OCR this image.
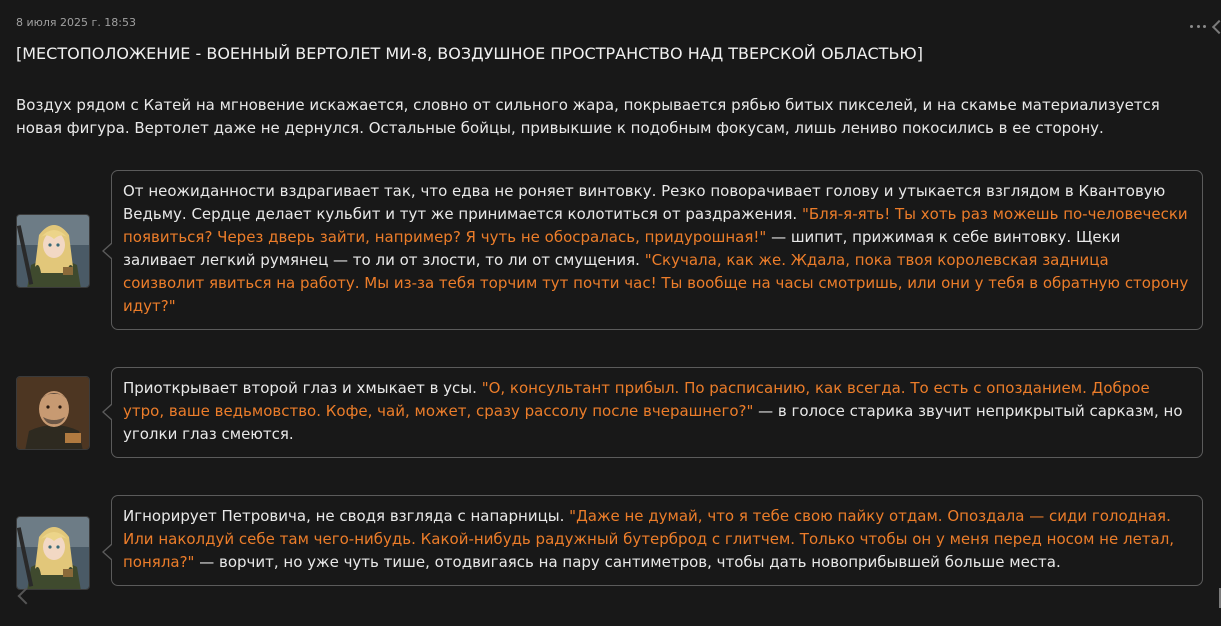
8 июля 2025 г. 18:53
[МЕСТОПОЛОЖЕНИЕ - ВОЕННЫЙ ВЕРТОЛЕТ МИ-8, ВОЗДУШНОЕ ПРОСТРАНСТВО НАД ТВЕРСКОЙ ОБЛАСТЬЮ]
Воздух рядом с Катей на мгновение искажается, словно от сильного жара, покрывается рябью битых пикселей, и на скамье материализуется новая фигура. Вертолет даже не дернулся. Остальные бойцы, привыкшие к подобным фокусам, лишь лениво покосились в ее сторону.
От неожиданности вздрагивает так, что едва не роняет винтовку. Резко поворачивает голову и утыкается взглядом в Квантовую Ведьму. Сердце делает кульбит и тут же принимается колотиться от раздражения. "Бля-я-ять! Ты хоть раз можешь по-человечески появиться? Через дверь зайти, например? Я чуть не обосралась, придурошная!" — шипит, прижимая к себе винтовку. Щеки заливает легкий румянец — то ли от злости, то ли от смущения. "Скучала, как же. Ждала, пока твоя королевская задница соизволит явиться на работу. Мы из-за тебя торчим тут почти час! Ты вообще на часы смотришь, или они у тебя в обратную сторону идут?"
Приоткрывает второй глаз и хмыкает в усы. "О, консультант прибыл. По расписанию, как всегда. То есть с опозданием. Доброе утро, ваше ведьмовство. Кофе, чай, может, сразу рассолу после вчерашнего?" — в голосе старика звучит неприкрытый сарказм, но уголки глаз смеются.
Игнорирует Петровича, не сводя взгляда с напарницы. "Даже не думай, что я тебе свою пайку отдам. Опоздала — сиди голодная. Или наколдуй себе там чего-нибудь. Какой-нибудь радужный бутерброд с глитчем. Только чтобы он у меня перед носом не летал, поняла?" — ворчит, но уже чуть тише, отодвигаясь на пару сантиметров, чтобы дать новоприбывшей больше места.
